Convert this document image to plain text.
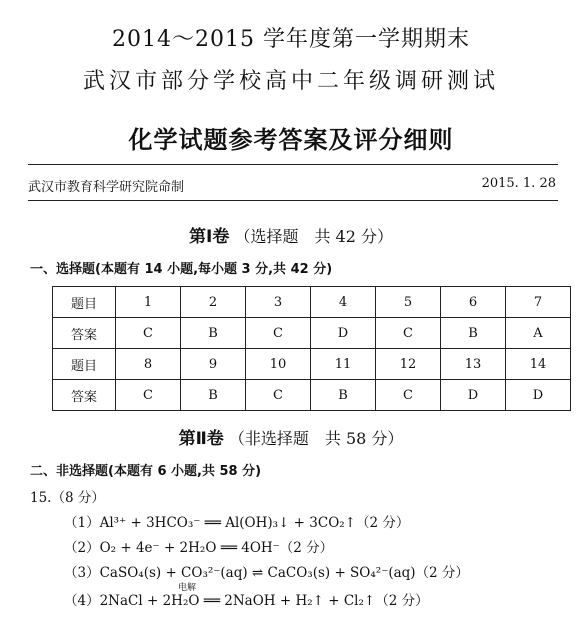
2014～2015 学年度第一学期期末
武汉市部分学校高中二年级调研测试
化学试题参考答案及评分细则
武汉市教育科学研究院命制	2015. 1. 28
第Ⅰ卷 （选择题　共 42 分）
一、选择题(本题有 14 小题,每小题 3 分,共 42 分)
题目	1	2	3	4	5	6	7
答案	C	B	C	D	C	B	A
题目	8	9	10	11	12	13	14
答案	C	B	C	B	C	D	D
第Ⅱ卷 （非选择题　共 58 分）
二、非选择题(本题有 6 小题,共 58 分)
15.（8 分）
（1）Al³⁺ + 3HCO₃⁻ ══ Al(OH)₃↓ + 3CO₂↑（2 分）
（2）O₂ + 4e⁻ + 2H₂O ══ 4OH⁻（2 分）
（3）CaSO₄(s) + CO₃²⁻(aq) ⇌ CaCO₃(s) + SO₄²⁻(aq)（2 分）
电解
（4）2NaCl + 2H₂O ══ 2NaOH + H₂↑ + Cl₂↑（2 分）
